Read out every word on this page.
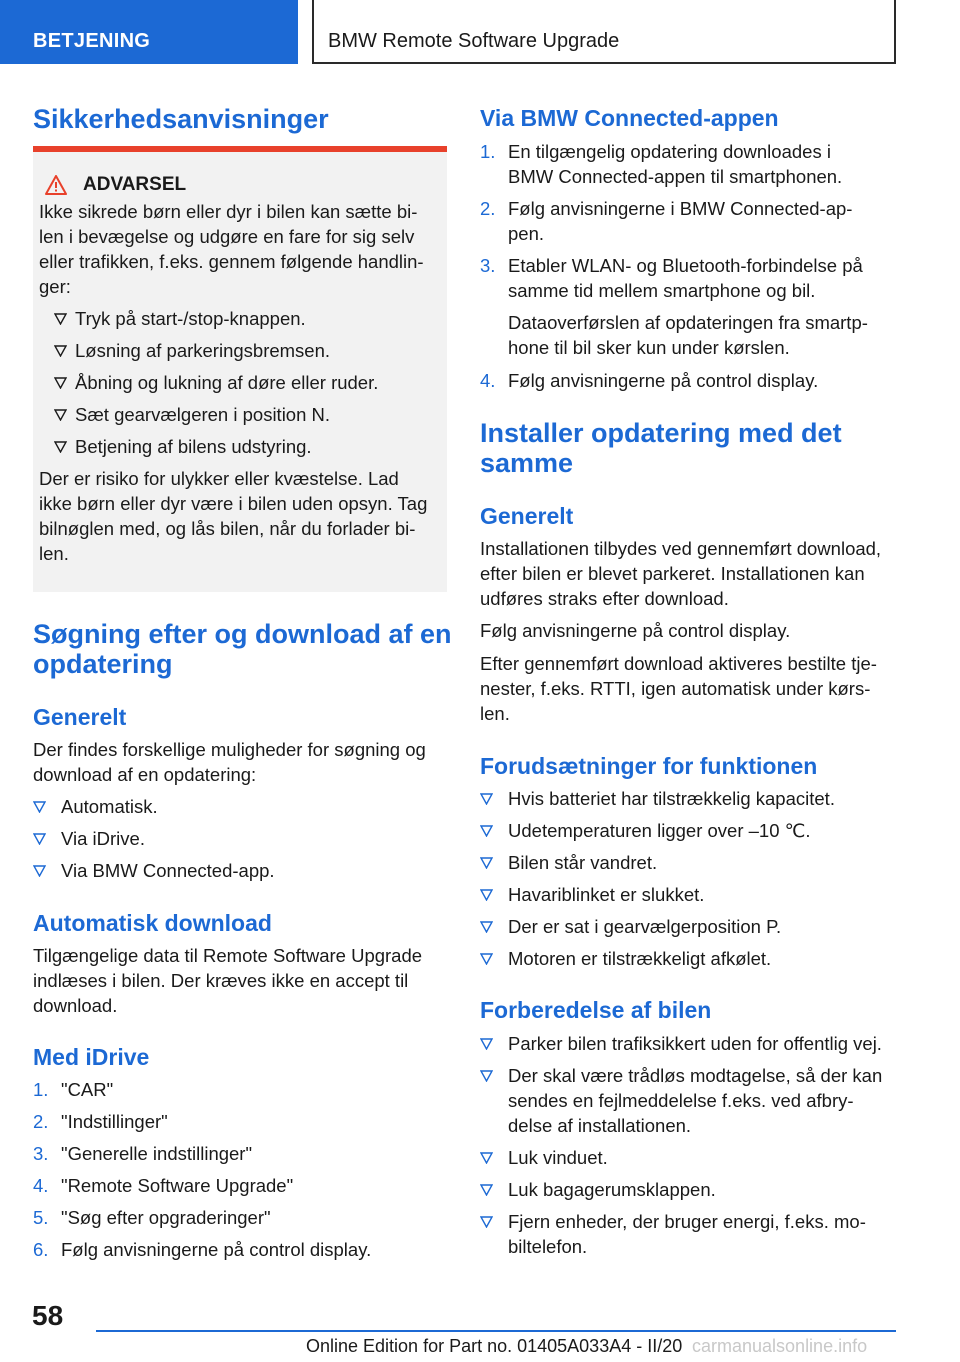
BETJENING	BMW Remote Software Upgrade
Sikkerhedsanvisninger
ADVARSEL
Ikke sikrede børn eller dyr i bilen kan sætte bi-
len i bevægelse og udgøre en fare for sig selv
eller trafikken, f.eks. gennem følgende handlin-
ger:
Tryk på start-/stop-knappen.
Løsning af parkeringsbremsen.
Åbning og lukning af døre eller ruder.
Sæt gearvælgeren i position N.
Betjening af bilens udstyring.
Der er risiko for ulykker eller kvæstelse. Lad
ikke børn eller dyr være i bilen uden opsyn. Tag
bilnøglen med, og lås bilen, når du forlader bi-
len.
Søgning efter og download af en
opdatering
Generelt
Der findes forskellige muligheder for søgning og
download af en opdatering:
Automatisk.
Via iDrive.
Via BMW Connected-app.
Automatisk download
Tilgængelige data til Remote Software Upgrade
indlæses i bilen. Der kræves ikke en accept til
download.
Med iDrive
1. "CAR"
2. "Indstillinger"
3. "Generelle indstillinger"
4. "Remote Software Upgrade"
5. "Søg efter opgraderinger"
6. Følg anvisningerne på control display.
Via BMW Connected-appen
1. En tilgængelig opdatering downloades i
BMW Connected-appen til smartphonen.
2. Følg anvisningerne i BMW Connected-ap-
pen.
3. Etabler WLAN- og Bluetooth-forbindelse på
samme tid mellem smartphone og bil.
Dataoverførslen af opdateringen fra smartp-
hone til bil sker kun under kørslen.
4. Følg anvisningerne på control display.
Installer opdatering med det
samme
Generelt
Installationen tilbydes ved gennemført download,
efter bilen er blevet parkeret. Installationen kan
udføres straks efter download.
Følg anvisningerne på control display.
Efter gennemført download aktiveres bestilte tje-
nester, f.eks. RTTI, igen automatisk under kørs-
len.
Forudsætninger for funktionen
Hvis batteriet har tilstrækkelig kapacitet.
Udetemperaturen ligger over –10 ℃.
Bilen står vandret.
Havariblinket er slukket.
Der er sat i gearvælgerposition P.
Motoren er tilstrækkeligt afkølet.
Forberedelse af bilen
Parker bilen trafiksikkert uden for offentlig vej.
Der skal være trådløs modtagelse, så der kan
sendes en fejlmeddelelse f.eks. ved afbry-
delse af installationen.
Luk vinduet.
Luk bagagerumsklappen.
Fjern enheder, der bruger energi, f.eks. mo-
biltelefon.
58
Online Edition for Part no. 01405A033A4 - II/20 carmanualsonline.info
